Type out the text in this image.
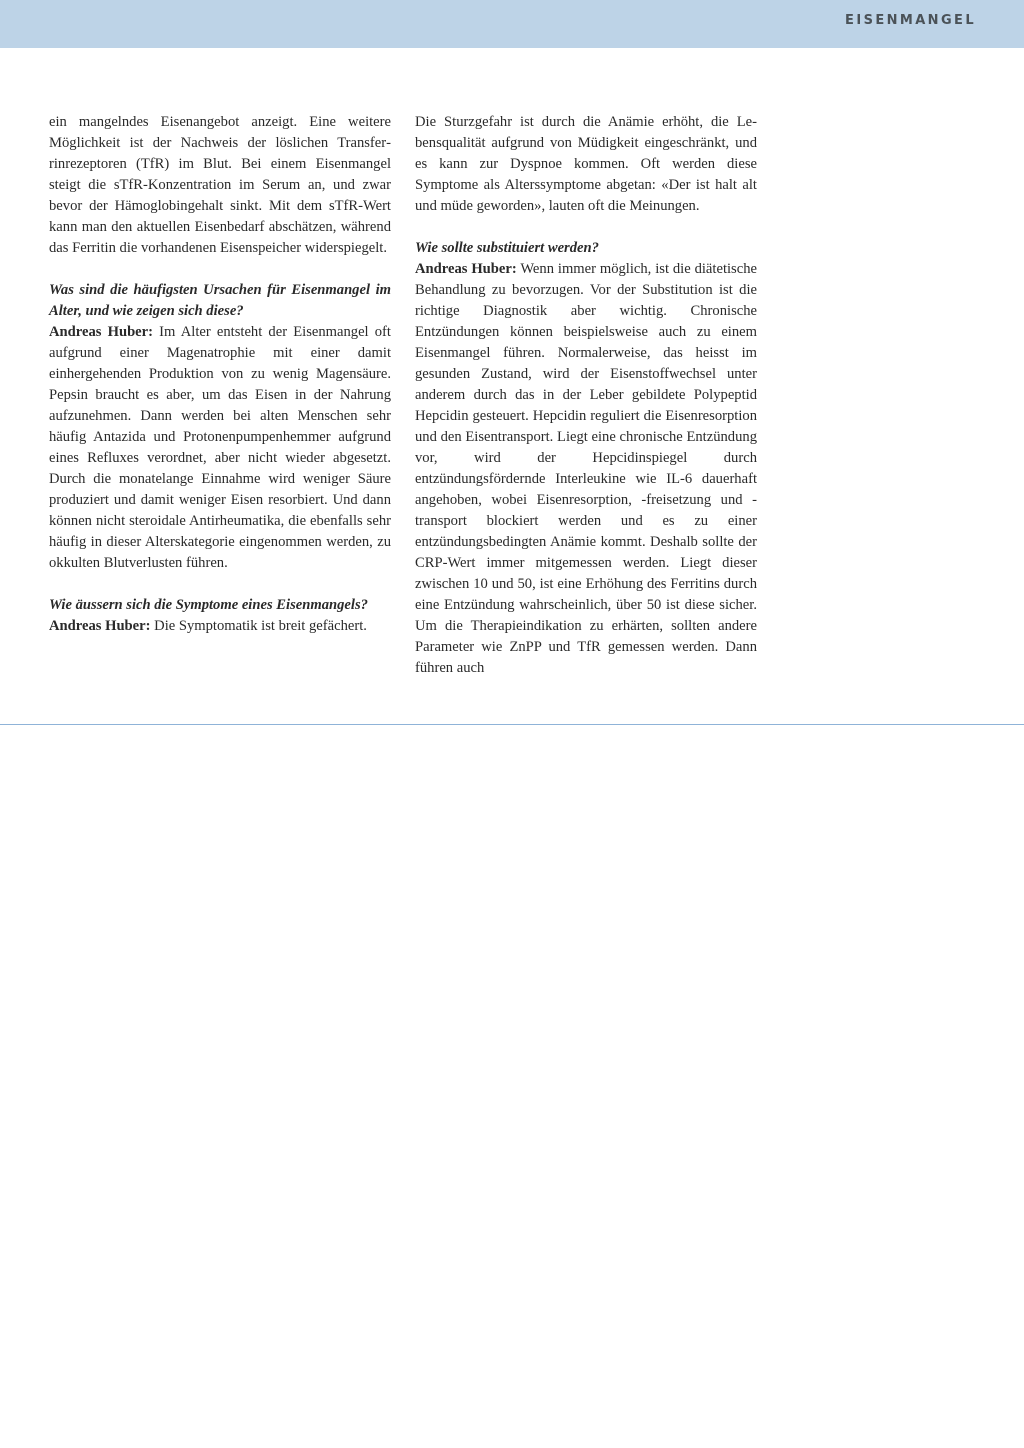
EISENMANGEL

ein mangelndes Eisenangebot anzeigt. Eine weitere Möglichkeit ist der Nachweis der löslichen Transferrinrezeptoren (TfR) im Blut. Bei einem Eisenmangel steigt die sTfR-Konzentration im Serum an, und zwar bevor der Hämoglobingehalt sinkt. Mit dem sTfR-​Wert kann man den aktuellen Eisenbedarf abschätzen, während das Ferritin die vorhandenen Eisenspeicher widerspiegelt.

Was sind die häufigsten Ursachen für Eisenmangel im Alter, und wie zeigen sich diese?

Andreas Huber: Im Alter entsteht der Eisenmangel oft aufgrund einer Magenatrophie mit einer damit einhergehenden Produktion von zu wenig Magensäure. Pepsin braucht es aber, um das Eisen in der Nahrung aufzunehmen. Dann werden bei alten Menschen sehr häufig Antazida und Protonenpumpenhemmer aufgrund eines Refluxes verordnet, aber nicht wieder abgesetzt. Durch die monatelange Einnahme wird weniger Säure produziert und damit weniger Eisen resorbiert. Und dann können nicht steroidale Antirheumatika, die ebenfalls sehr häufig in dieser Alterskategorie eingenommen werden, zu okkulten Blutverlusten führen.

Wie äussern sich die Symptome eines Eisenmangels?

Andreas Huber: Die Symptomatik ist breit gefächert.

Die Sturzgefahr ist durch die Anämie erhöht, die Lebensqualität aufgrund von Müdigkeit eingeschränkt, und es kann zur Dyspnoe kommen. Oft werden diese Symptome als Alterssymptome abgetan: «Der ist halt alt und müde geworden», lauten oft die Meinungen.

Wie sollte substituiert werden?

Andreas Huber: Wenn immer möglich, ist die diätetische Behandlung zu bevorzugen. Vor der Substitution ist die richtige Diagnostik aber wichtig. Chronische Entzündungen können beispielsweise auch zu einem Eisenmangel führen. Normalerweise, das heisst im gesunden Zustand, wird der Eisenstoffwechsel unter anderem durch das in der Leber gebildete Polypeptid Hepcidin gesteuert. Hepcidin reguliert die Eisenresorption und den Eisentransport. Liegt eine chronische Entzündung vor, wird der Hepcidinspiegel durch entzündungsfördernde Interleukine wie IL-6 dauerhaft angehoben, wobei Eisenresorption, -freisetzung und -transport blockiert werden und es zu einer entzündungsbedingten Anämie kommt. Deshalb sollte der CRP-Wert immer mitgemessen werden. Liegt dieser zwischen 10 und 50, ist eine Erhöhung des Ferritins durch eine Entzündung wahrscheinlich, über 50 ist diese sicher. Um die Therapieindikation zu erhärten, sollten andere Parameter wie ZnPP und TfR gemessen werden. Dann führen auch
